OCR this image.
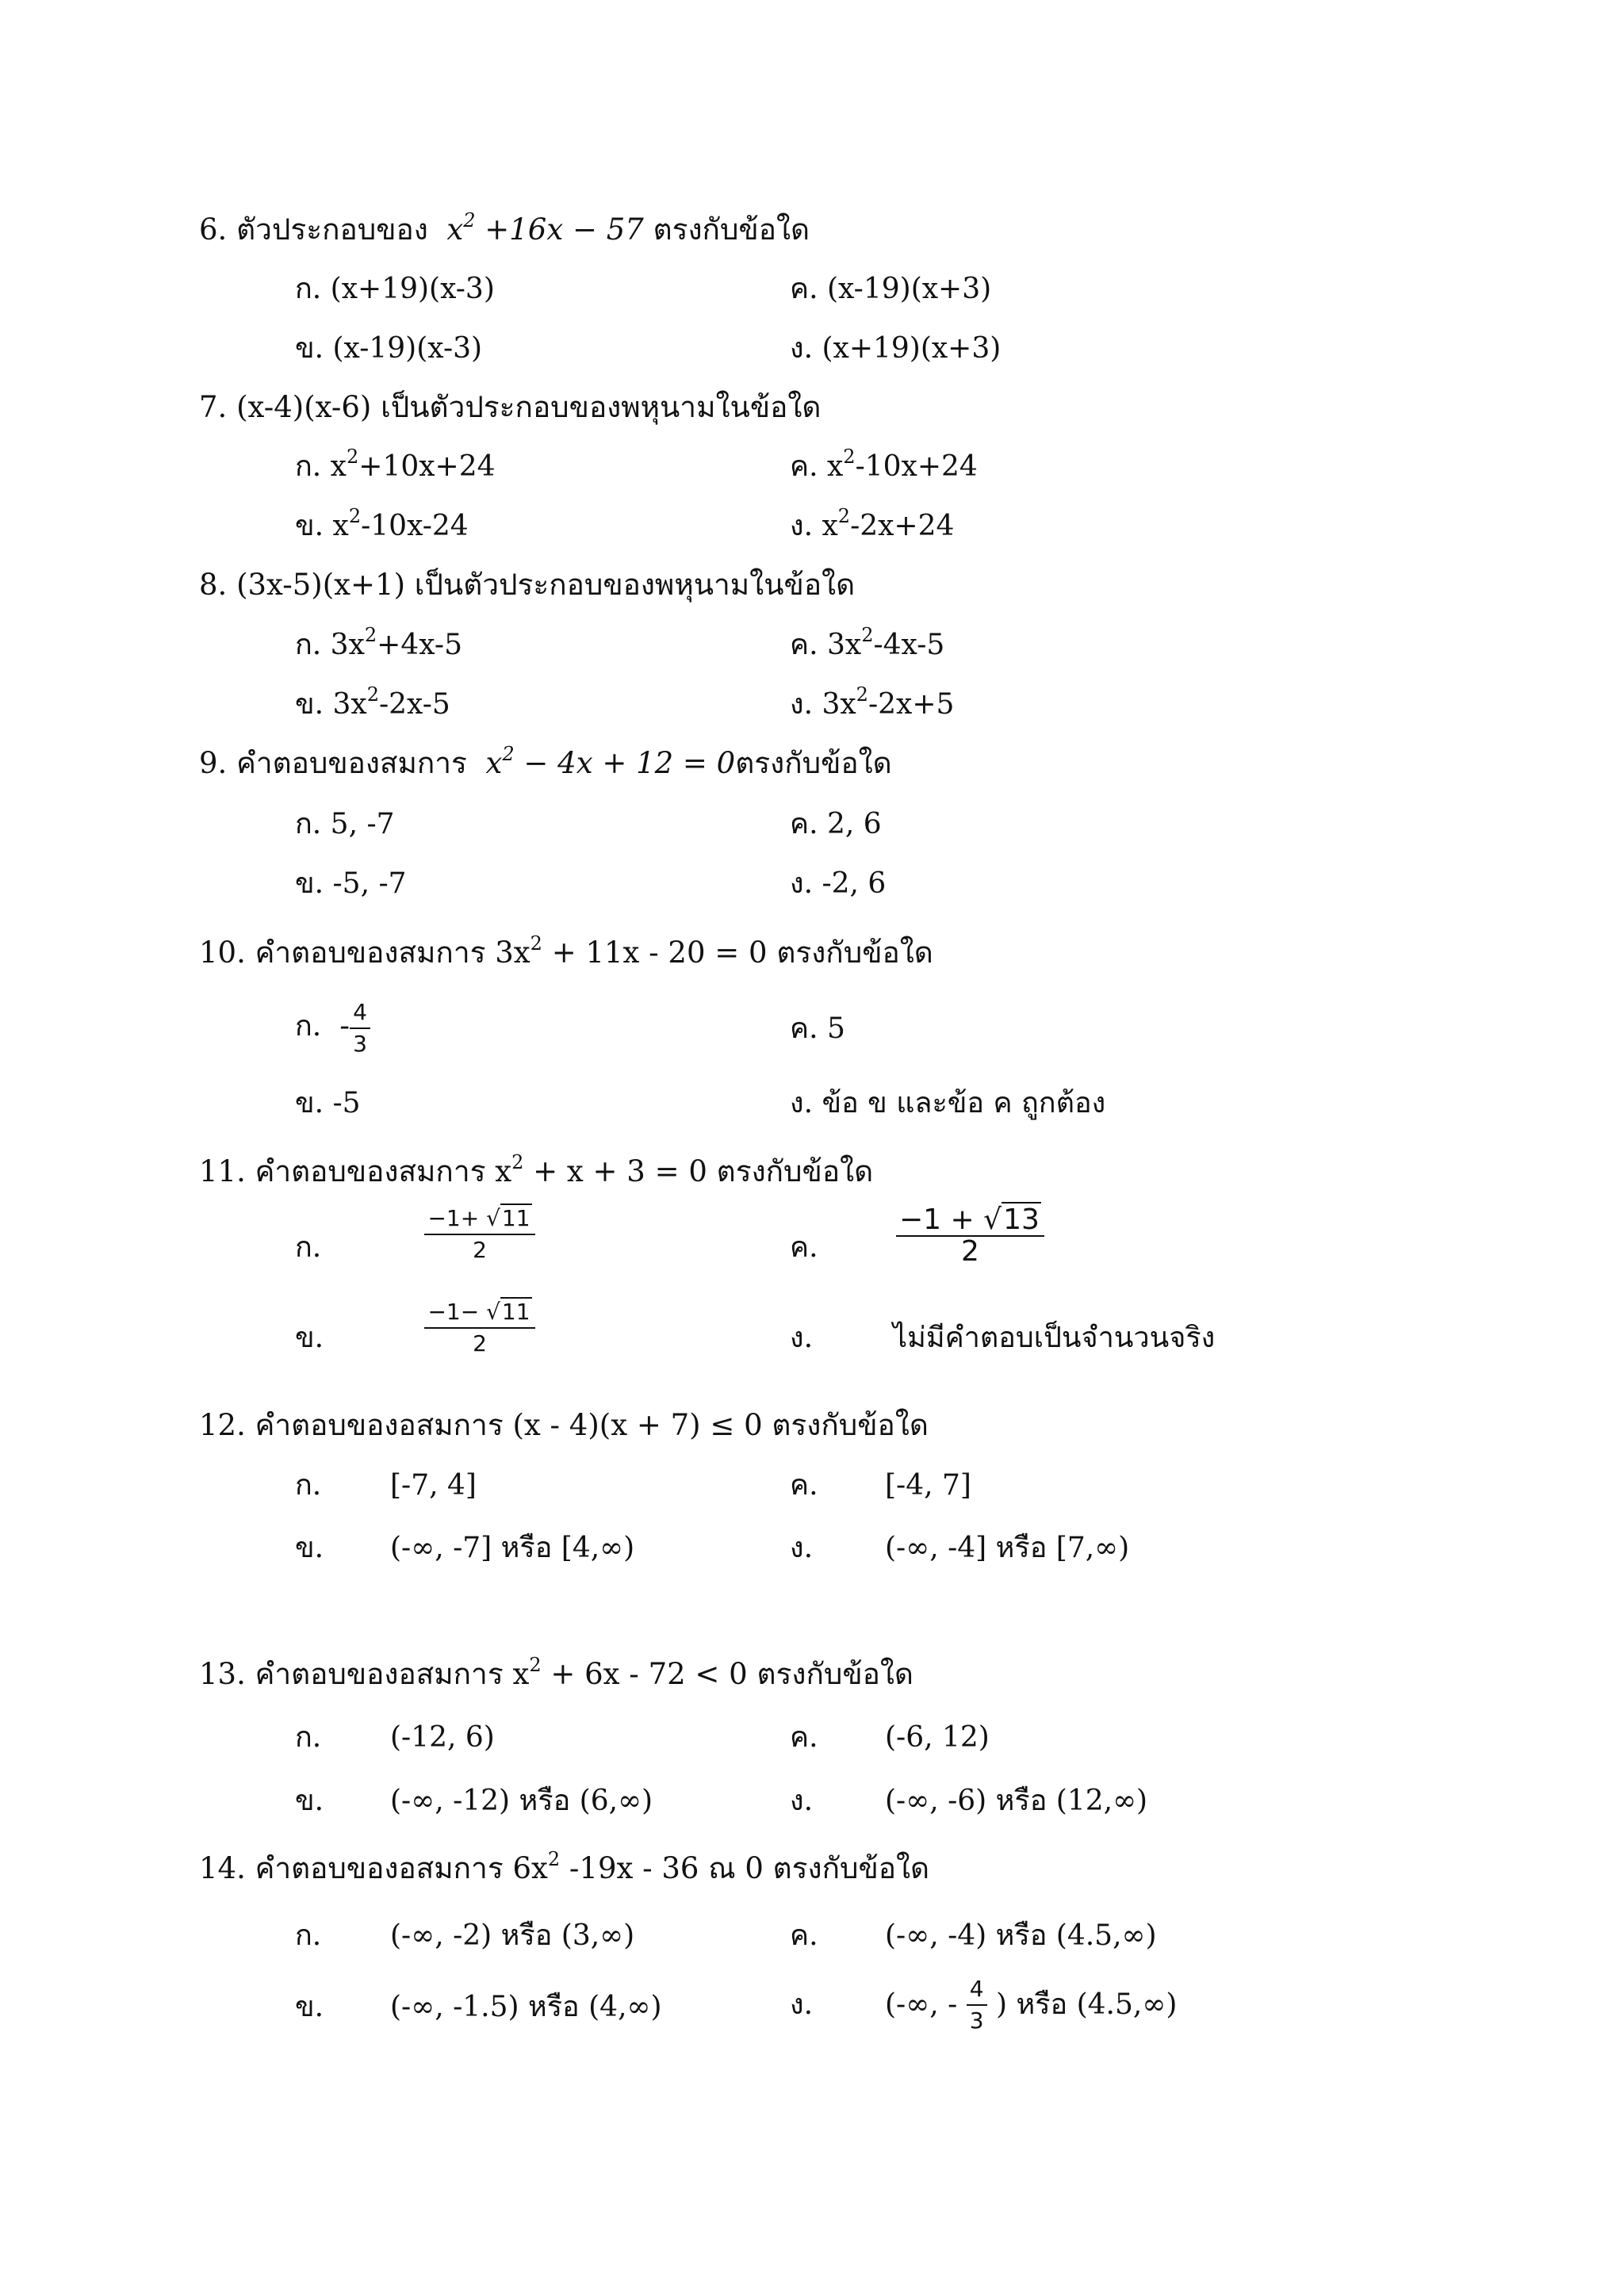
6. ตัวประกอบของ $x^2 +16x - 57$ ตรงกับข้อใด
ก. (x+19)(x-3)	ค. (x-19)(x+3)
ข. (x-19)(x-3)	ง. (x+19)(x+3)
7. (x-4)(x-6) เป็นตัวประกอบของพหุนามในข้อใด
ก. $x^2+10x+24$	ค. $x^2-10x+24$
ข. $x^2-10x-24$	ง. $x^2-2x+24$
8. (3x-5)(x+1) เป็นตัวประกอบของพหุนามในข้อใด
ก. $3x^2+4x-5$	ค. $3x^2-4x-5$
ข. $3x^2-2x-5$	ง. $3x^2-2x+5$
9. คำตอบของสมการ $x^2 - 4x + 12 = 0$ตรงกับข้อใด
ก. 5, -7	ค. 2, 6
ข. -5, -7	ง. -2, 6
10. คำตอบของสมการ $3x^2 + 11x - 20 = 0$ ตรงกับข้อใด
ก. - $\frac{4}{3}$	ค. 5
ข. -5	ง. ข้อ ข และข้อ ค ถูกต้อง
11. คำตอบของสมการ $x^2 + x + 3 = 0$ ตรงกับข้อใด
ก.	$\frac{-1+ √11}{2}$	ค.	$\frac{-1 + √13}{2}$
ข.	$\frac{-1- √11}{2}$	ง.	ไม่มีคำตอบเป็นจำนวนจริง
12. คำตอบของอสมการ (x - 4)(x + 7) ≤ 0 ตรงกับข้อใด
ก. [-7, 4]	ค. [-4, 7]
ข. (-∞, -7] หรือ [4,∞)	ง.	(-∞, -4] หรือ [7,∞)
13. คำตอบของอสมการ $x^2 + 6x - 72 < 0$ ตรงกับข้อใด
ก. (-12, 6)	ค. (-6, 12)
ข. (-∞, -12) หรือ (6,∞)	ง.	(-∞, -6) หรือ (12,∞)
14. คำตอบของอสมการ $6x^2$ -19x - 36 ณ 0 ตรงกับข้อใด
ก. (-∞, -2) หรือ (3,∞)	ค. (-∞, -4) หรือ (4.5,∞)
ข. (-∞, -1.5) หรือ (4,∞)	ง.	(-∞, - $\frac{4}{3}$ ) หรือ (4.5,∞)
